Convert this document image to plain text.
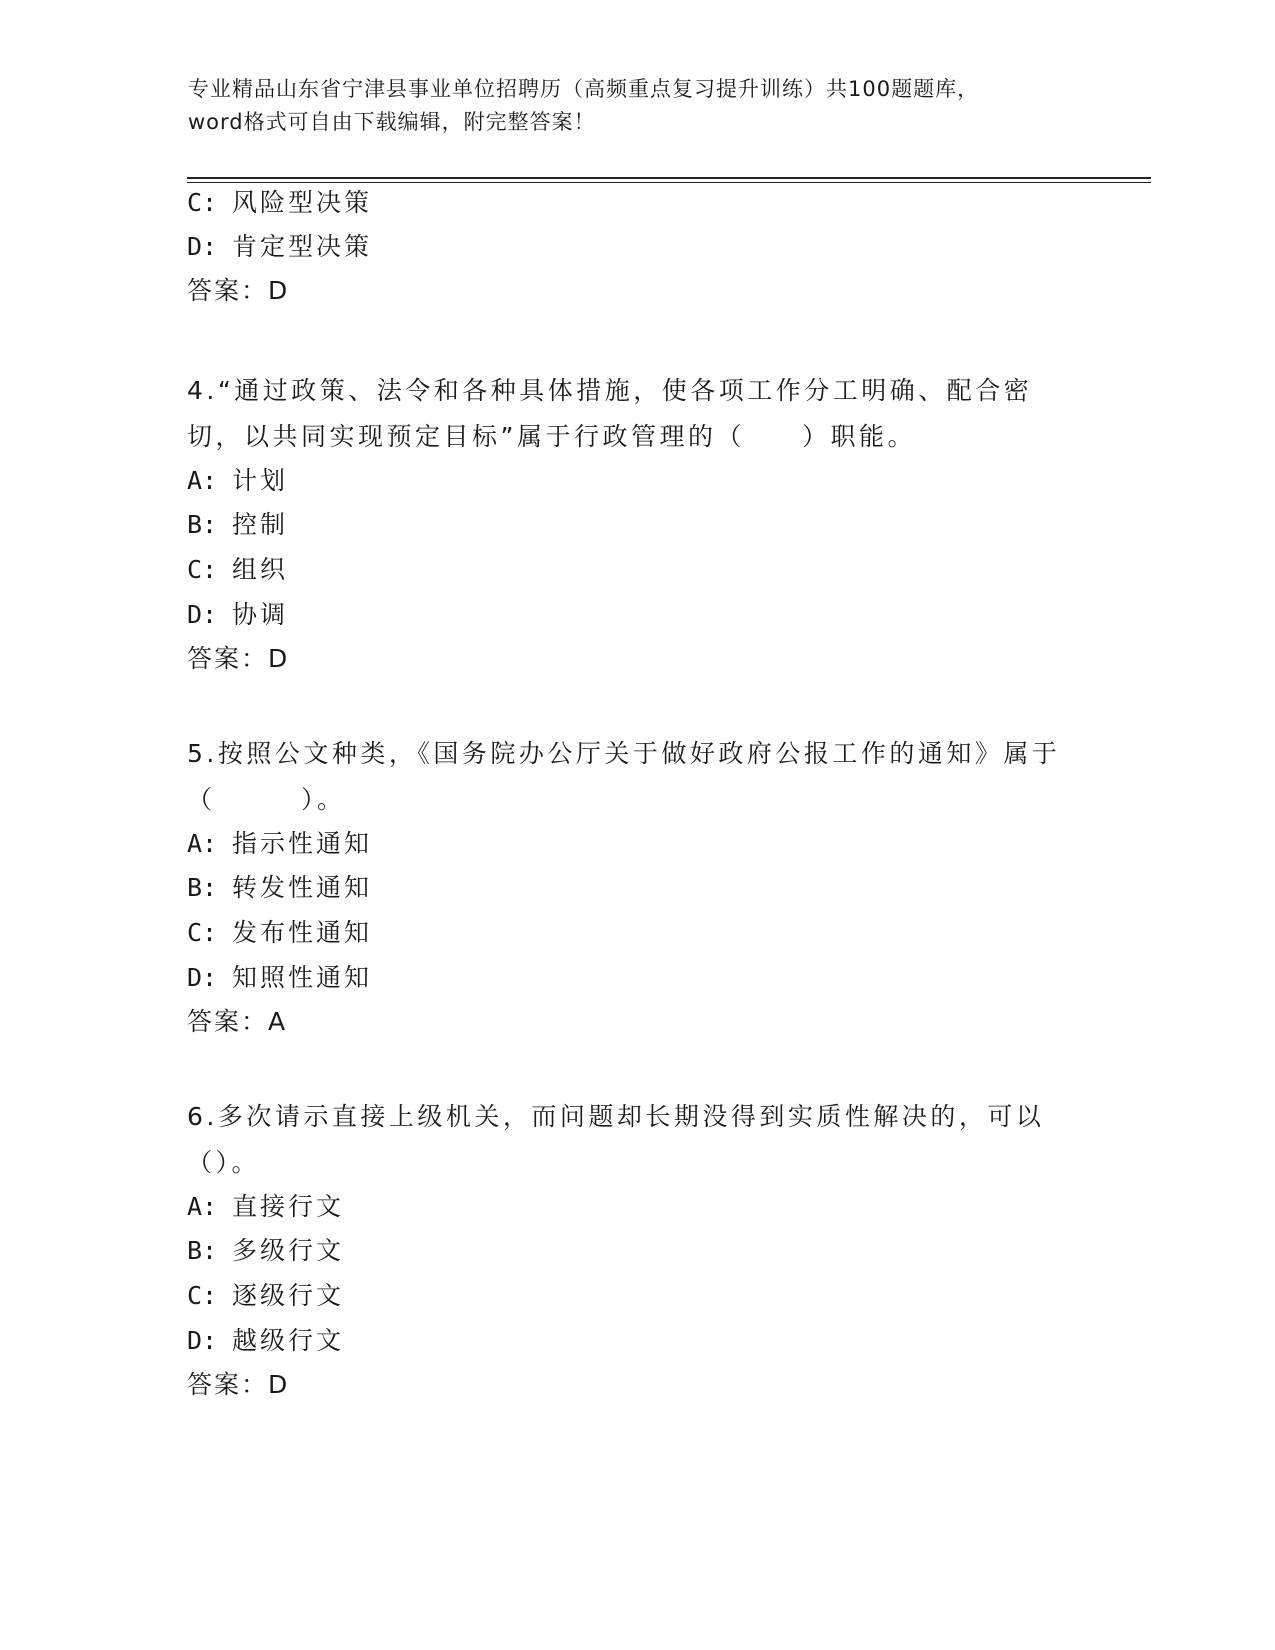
专业精品山东省宁津县事业单位招聘历（高频重点复习提升训练）共100题题库，word格式可自由下载编辑，附完整答案！
C: 风险型决策
D: 肯定型决策
答案：D
4.“通过政策、法令和各种具体措施，使各项工作分工明确、配合密切，以共同实现预定目标”属于行政管理的（　　）职能。
A: 计划
B: 控制
C: 组织
D: 协调
答案：D
5.按照公文种类，《国务院办公厅关于做好政府公报工作的通知》属于（　　　）。
A: 指示性通知
B: 转发性通知
C: 发布性通知
D: 知照性通知
答案：A
6.多次请示直接上级机关，而问题却长期没得到实质性解决的，可以（）。
A: 直接行文
B: 多级行文
C: 逐级行文
D: 越级行文
答案：D
